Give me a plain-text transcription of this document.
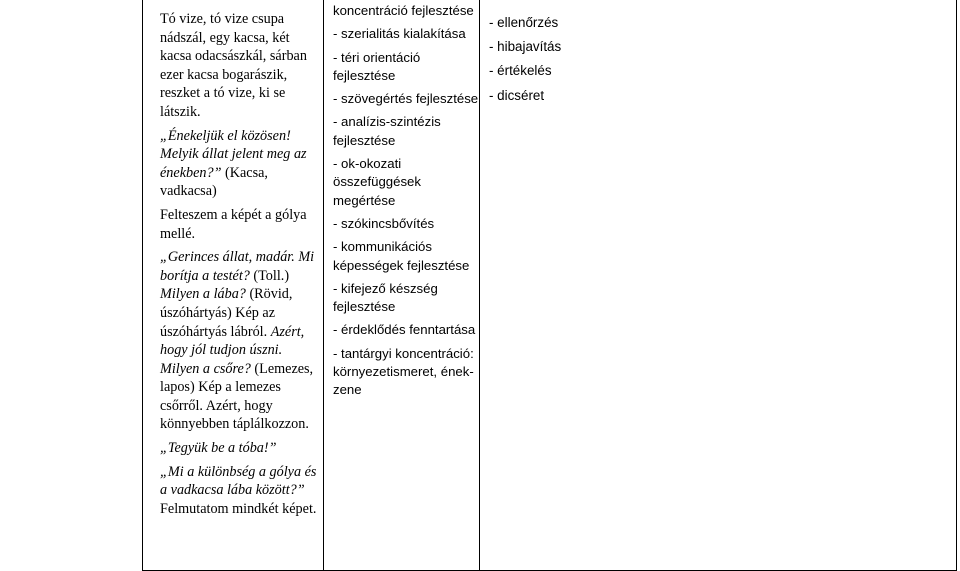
Tó vize, tó vize csupa nádszál, egy kacsa, két kacsa odacsászkál, sárban ezer kacsa bogarászik, reszket a tó vize, ki se látszik.

„Énekeljük el közösen! Melyik állat jelent meg az énekben?” (Kacsa, vadkacsa)

Felteszem a képét a gólya mellé.

„Gerinces állat, madár. Mi borítja a testét? (Toll.) Milyen a lába? (Rövid, úszóhártyás) Kép az úszóhártyás lábról. Azért, hogy jól tudjon úszni. Milyen a csőre? (Lemezes, lapos) Kép a lemezes csőrről. Azért, hogy könnyebben táplálkozzon.

„Tegyük be a tóba!”

„Mi a különbség a gólya és a vadkacsa lába között?” Felmutatom mindkét képet.

koncentráció fejlesztése

- szerialitás kialakítása

- téri orientáció fejlesztése

- szövegértés fejlesztése

- analízis-szintézis fejlesztése

- ok-okozati összefüggések megértése

- szókincsbővítés

- kommunikációs képességek fejlesztése

- kifejező készség fejlesztése

- érdeklődés fenntartása

- tantárgyi koncentráció: környezetismeret, ének-zene

- ellenőrzés

- hibajavítás

- értékelés

- dicséret
